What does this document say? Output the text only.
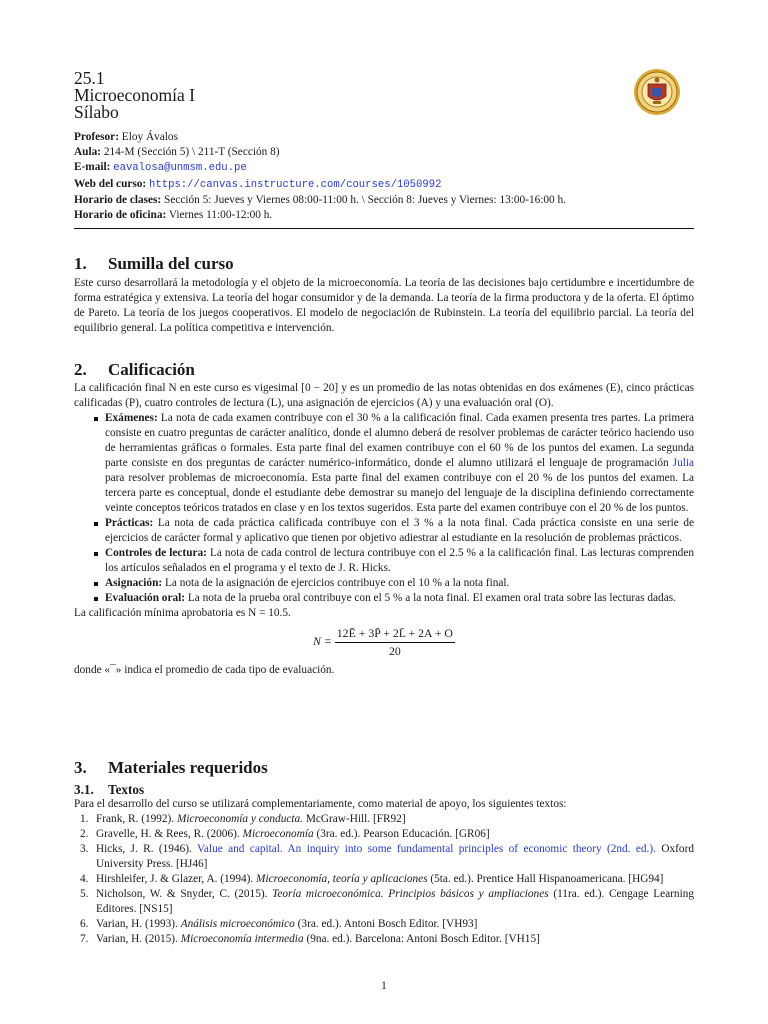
25.1
Microeconomía I
Sílabo
Profesor: Eloy Ávalos
Aula: 214-M (Sección 5) \ 211-T (Sección 8)
E-mail: eavalosa@unmsm.edu.pe
Web del curso: https://canvas.instructure.com/courses/1050992
Horario de clases: Sección 5: Jueves y Viernes 08:00-11:00 h. \ Sección 8: Jueves y Viernes: 13:00-16:00 h.
Horario de oficina: Viernes 11:00-12:00 h.
1. Sumilla del curso

Este curso desarrollará la metodología y el objeto de la microeconomía. La teoría de las decisiones bajo certidumbre e incertidumbre de forma estratégica y extensiva. La teoría del hogar consumidor y de la demanda. La teoría de la firma productora y de la oferta. El óptimo de Pareto. La teoría de los juegos cooperativos. El modelo de negociación de Rubinstein. La teoría del equilibrio parcial. La teoría del equilibrio general. La política competitiva e intervención.

2. Calificación

La calificación final N en este curso es vigesimal [0 − 20] y es un promedio de las notas obtenidas en dos exámenes (E), cinco prácticas calificadas (P), cuatro controles de lectura (L), una asignación de ejercicios (A) y una evaluación oral (O).

Exámenes: La nota de cada examen contribuye con el 30 % a la calificación final. Cada examen presenta tres partes. La primera consiste en cuatro preguntas de carácter analítico, donde el alumno deberá de resolver problemas de carácter teórico haciendo uso de herramientas gráficas o formales. Esta parte final del examen contribuye con el 60 % de los puntos del examen. La segunda parte consiste en dos preguntas de carácter numérico-informático, donde el alumno utilizará el lenguaje de programación Julia para resolver problemas de microeconomía. Esta parte final del examen contribuye con el 20 % de los puntos del examen. La tercera parte es conceptual, donde el estudiante debe demostrar su manejo del lenguaje de la disciplina definiendo correctamente veinte conceptos teóricos tratados en clase y en los textos sugeridos. Esta parte del examen contribuye con el 20 % de los puntos.
Prácticas: La nota de cada práctica calificada contribuye con el 3 % a la nota final. Cada práctica consiste en una serie de ejercicios de carácter formal y aplicativo que tienen por objetivo adiestrar al estudiante en la resolución de problemas prácticos.
Controles de lectura: La nota de cada control de lectura contribuye con el 2.5 % a la calificación final. Las lecturas comprenden los artículos señalados en el programa y el texto de J. R. Hicks.
Asignación: La nota de la asignación de ejercicios contribuye con el 10 % a la nota final.
Evaluación oral: La nota de la prueba oral contribuye con el 5 % a la nota final. El examen oral trata sobre las lecturas dadas.

La calificación mínima aprobatoria es N = 10.5.

$N = \frac{12Ē + 3P̄ + 2L̄ + 2A + O}{20}$

donde «¯» indica el promedio de cada tipo de evaluación.

3. Materiales requeridos
3.1. Textos

Para el desarrollo del curso se utilizará complementariamente, como material de apoyo, los siguientes textos:

1. Frank, R. (1992). Microeconomía y conducta. McGraw-Hill. [FR92]
2. Gravelle, H. & Rees, R. (2006). Microeconomía (3ra. ed.). Pearson Educación. [GR06]
3. Hicks, J. R. (1946). Value and capital. An inquiry into some fundamental principles of economic theory (2nd. ed.). Oxford University Press. [HJ46]
4. Hirshleifer, J. & Glazer, A. (1994). Microeconomía, teoría y aplicaciones (5ta. ed.). Prentice Hall Hispanoamericana. [HG94]
5. Nicholson, W. & Snyder, C. (2015). Teoría microeconómica. Principios básicos y ampliaciones (11ra. ed.). Cengage Learning Editores. [NS15]
6. Varian, H. (1993). Análisis microeconómico (3ra. ed.). Antoni Bosch Editor. [VH93]
7. Varian, H. (2015). Microeconomía intermedia (9na. ed.). Barcelona: Antoni Bosch Editor. [VH15]
1
